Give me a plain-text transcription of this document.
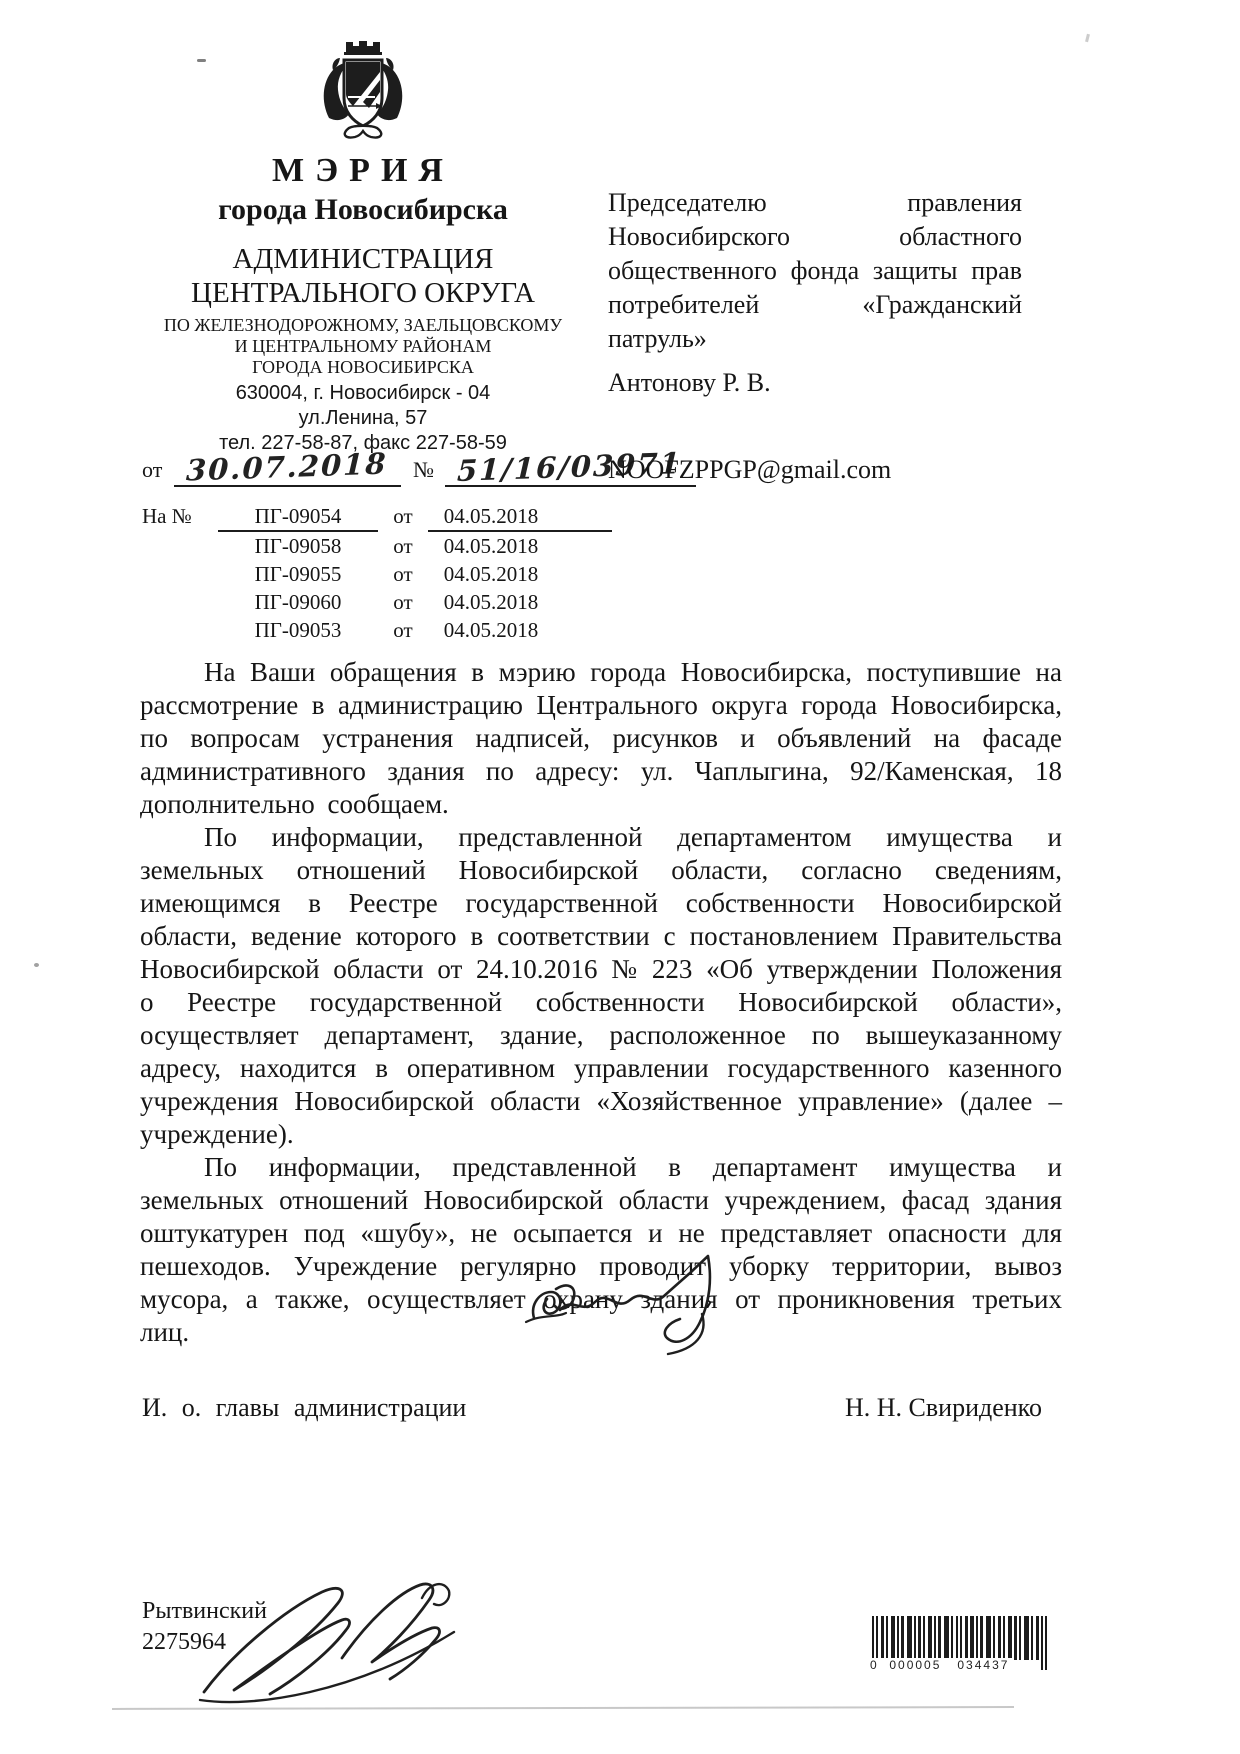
МЭРИЯ
города Новосибирска
АДМИНИСТРАЦИЯ
ЦЕНТРАЛЬНОГО ОКРУГА
ПО ЖЕЛЕЗНОДОРОЖНОМУ, ЗАЕЛЬЦОВСКОМУ
И ЦЕНТРАЛЬНОМУ РАЙОНАМ
ГОРОДА НОВОСИБИРСКА
630004, г. Новосибирск - 04
ул.Ленина, 57
тел. 227-58-87, факс 227-58-59
от 30.07.2018 № 51/16/03971
На №	ПГ-09054	от	04.05.2018
ПГ-09058	от	04.05.2018
ПГ-09055	от	04.05.2018
ПГ-09060	от	04.05.2018
ПГ-09053	от	04.05.2018
Председателю правления Новосибирского областного общественного фонда защиты прав потребителей «Гражданский патруль»
Антонову Р. В.
NOOFZPPGP@gmail.com

На Ваши обращения в мэрию города Новосибирска, поступившие на рассмотрение в администрацию Центрального округа города Новосибирска, по вопросам устранения надписей, рисунков и объявлений на фасаде административного здания по адресу: ул. Чаплыгина, 92/Каменская, 18 дополнительно сообщаем.

По информации, представленной департаментом имущества и земельных отношений Новосибирской области, согласно сведениям, имеющимся в Реестре государственной собственности Новосибирской области, ведение которого в соответствии с постановлением Правительства Новосибирской области от 24.10.2016 № 223 «Об утверждении Положения о Реестре государственной собственности Новосибирской области», осуществляет департамент, здание, расположенное по вышеуказанному адресу, находится в оперативном управлении государственного казенного учреждения Новосибирской области «Хозяйственное управление» (далее – учреждение).

По информации, представленной в департамент имущества и земельных отношений Новосибирской области учреждением, фасад здания оштукатурен под «шубу», не осыпается и не представляет опасности для пешеходов. Учреждение регулярно проводит уборку территории, вывоз мусора, а также, осуществляет охрану здания от проникновения третьих лиц.

И. о. главы администрации	Н. Н. Свириденко
Рытвинский
2275964
0  000005   034437
